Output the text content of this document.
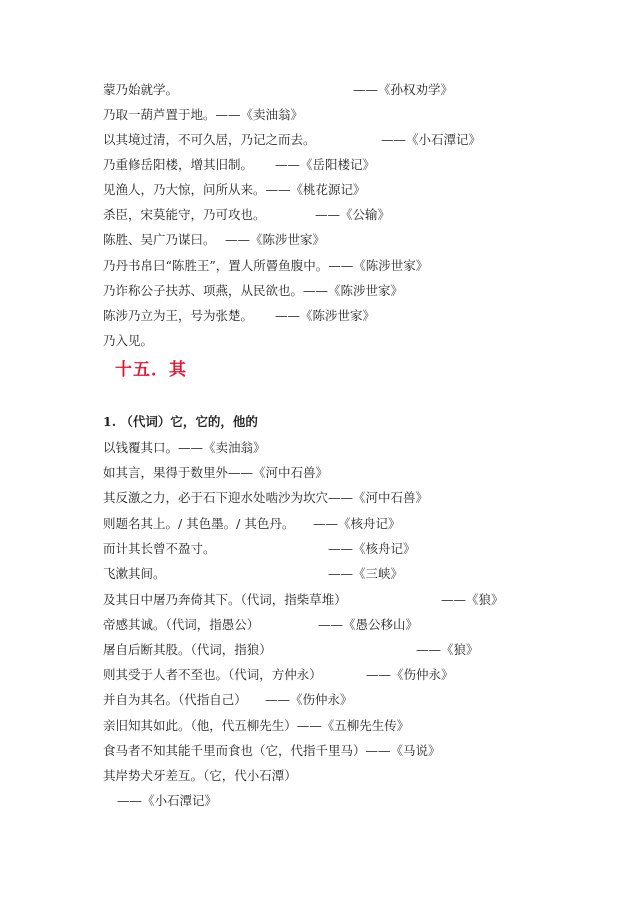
蒙乃始就学。	——《孙权劝学》
乃取一葫芦置于地。——《卖油翁》
以其境过清，不可久居，乃记之而去。	——《小石潭记》
乃重修岳阳楼，增其旧制。 ——《岳阳楼记》
见渔人，乃大惊，问所从来。——《桃花源记》
杀臣，宋莫能守，乃可攻也。	——《公输》
陈胜、吴广乃谋曰。 ——《陈涉世家》
乃丹书帛曰“陈胜王”，置人所罾鱼腹中。——《陈涉世家》
乃诈称公子扶苏、项燕，从民欲也。——《陈涉世家》
陈涉乃立为王，号为张楚。 ——《陈涉世家》
乃入见。
十五．其
1. （代词）它，它的，他的
以钱覆其口。——《卖油翁》
如其言，果得于数里外——《河中石兽》
其反激之力，必于石下迎水处啮沙为坎穴——《河中石兽》
则题名其上。/ 其色墨。/ 其色丹。 ——《核舟记》
而计其长曾不盈寸。	——《核舟记》
飞漱其间。	——《三峡》
及其日中屠乃奔倚其下。（代词，指柴草堆）	——《狼》
帝感其诚。（代词，指愚公）	——《愚公移山》
屠自后断其股。（代词，指狼）	——《狼》
则其受于人者不至也。（代词，方仲永）	——《伤仲永》
并自为其名。（代指自己） ——《伤仲永》
亲旧知其如此。（他，代五柳先生）——《五柳先生传》
食马者不知其能千里而食也（它，代指千里马）——《马说》
其岸势犬牙差互。（它，代小石潭）
——《小石潭记》
